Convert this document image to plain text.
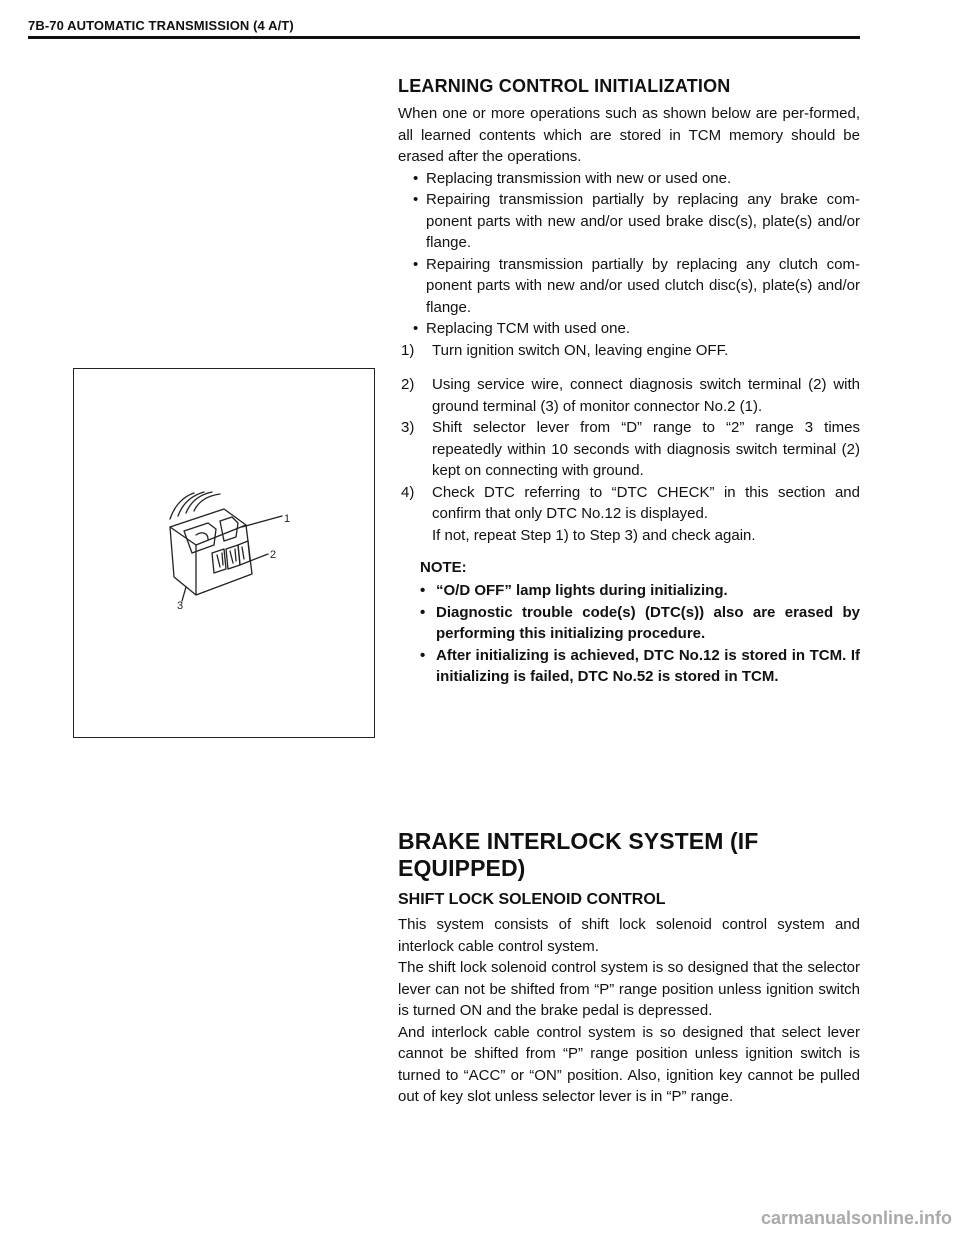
7B-70 AUTOMATIC TRANSMISSION (4 A/T)
LEARNING CONTROL INITIALIZATION
When one or more operations such as shown below are per-formed, all learned contents which are stored in TCM memory should be erased after the operations.
• Replacing transmission with new or used one.
• Repairing transmission partially by replacing any brake com-ponent parts with new and/or used brake disc(s), plate(s) and/or flange.
• Repairing transmission partially by replacing any clutch com-ponent parts with new and/or used clutch disc(s), plate(s) and/or flange.
• Replacing TCM with used one.
1) Turn ignition switch ON, leaving engine OFF.
1
2
3
2) Using service wire, connect diagnosis switch terminal (2) with ground terminal (3) of monitor connector No.2 (1).
3) Shift selector lever from “D” range to “2” range 3 times repeatedly within 10 seconds with diagnosis switch terminal (2) kept on connecting with ground.
4) Check DTC referring to “DTC CHECK” in this section and confirm that only DTC No.12 is displayed.
If not, repeat Step 1) to Step 3) and check again.
NOTE:
• “O/D OFF” lamp lights during initializing.
• Diagnostic trouble code(s) (DTC(s)) also are erased by performing this initializing procedure.
• After initializing is achieved, DTC No.12 is stored in TCM. If initializing is failed, DTC No.52 is stored in TCM.
BRAKE INTERLOCK SYSTEM (IF EQUIPPED)
SHIFT LOCK SOLENOID CONTROL
This system consists of shift lock solenoid control system and interlock cable control system.
The shift lock solenoid control system is so designed that the selector lever can not be shifted from “P” range position unless ignition switch is turned ON and the brake pedal is depressed.
And interlock cable control system is so designed that select lever cannot be shifted from “P” range position unless ignition switch is turned to “ACC” or “ON” position. Also, ignition key cannot be pulled out of key slot unless selector lever is in “P” range.
carmanualsonline.info
